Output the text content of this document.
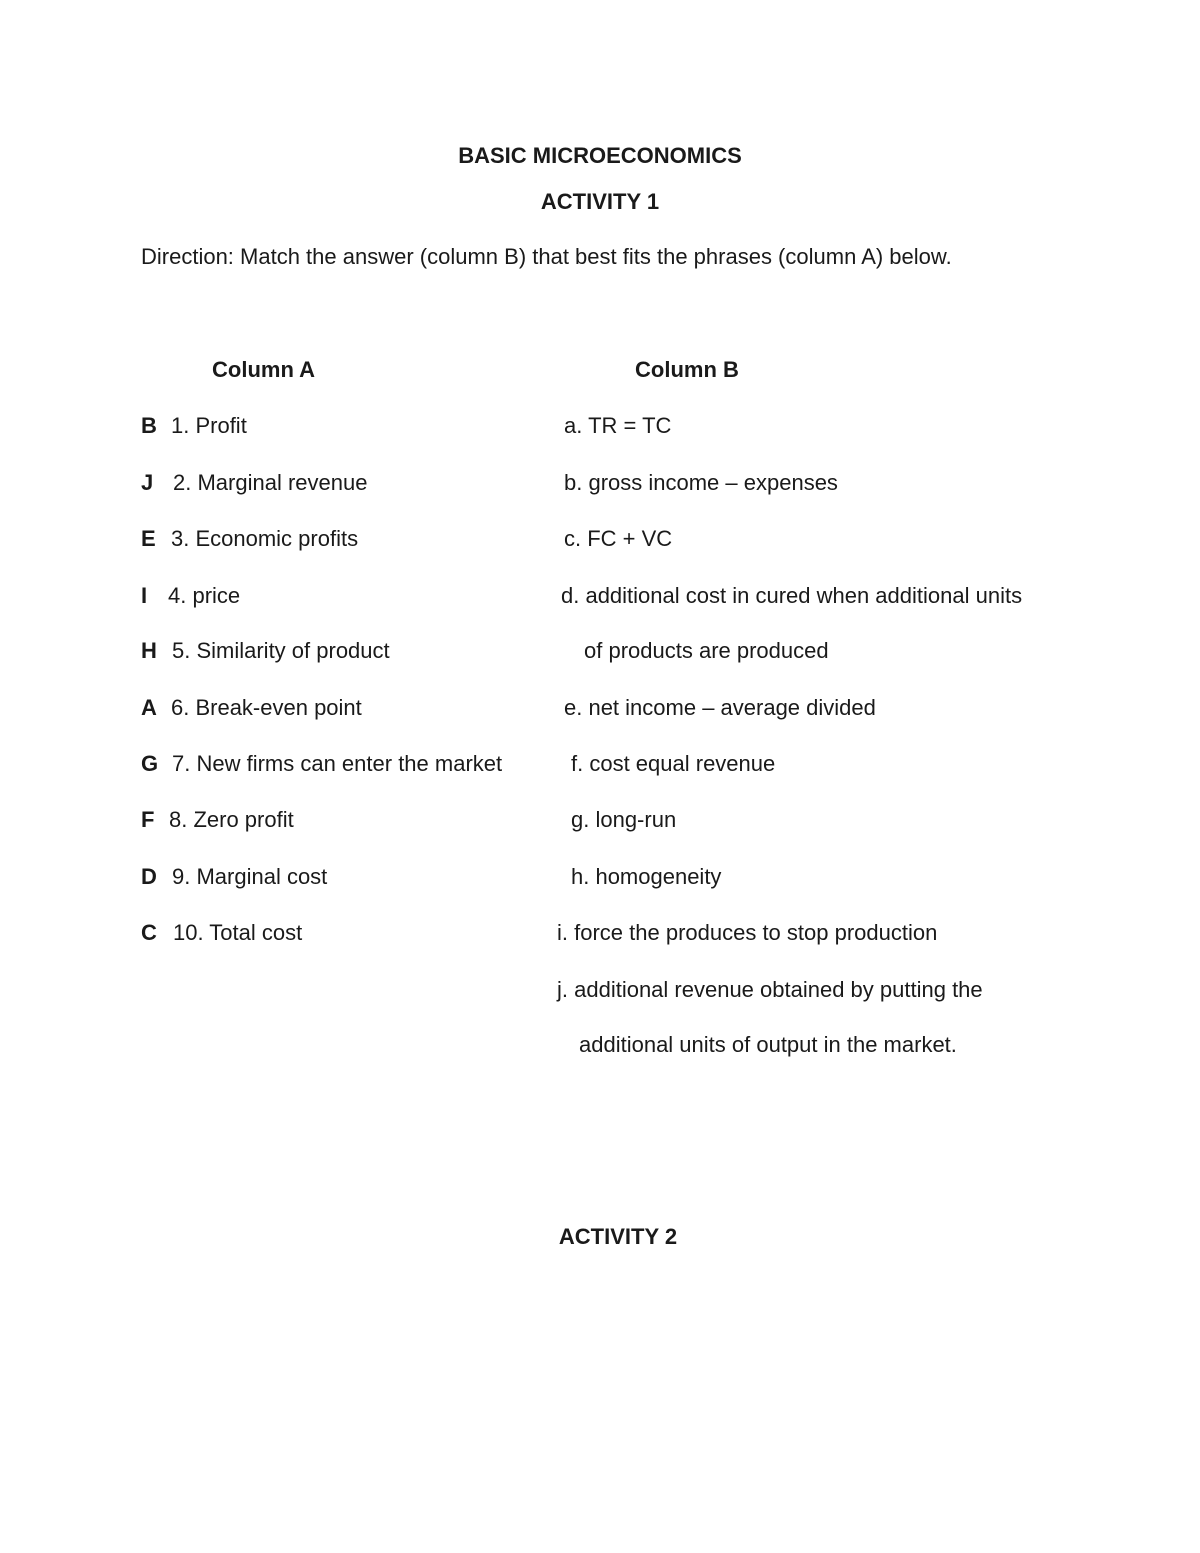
BASIC MICROECONOMICS
ACTIVITY 1
Direction: Match the answer (column B) that best fits the phrases (column A) below.
Column A	Column B
B 1. Profit
J 2. Marginal revenue
E 3. Economic profits
I 4. price
H 5. Similarity of product
A 6. Break-even point
G 7. New firms can enter the market
F 8. Zero profit
D 9. Marginal cost
C 10. Total cost
a. TR = TC
b. gross income – expenses
c. FC + VC
d. additional cost in cured when additional units
of products are produced
e. net income – average divided
f. cost equal revenue
g. long-run
h. homogeneity
i. force the produces to stop production
j. additional revenue obtained by putting the
additional units of output in the market.
ACTIVITY 2
